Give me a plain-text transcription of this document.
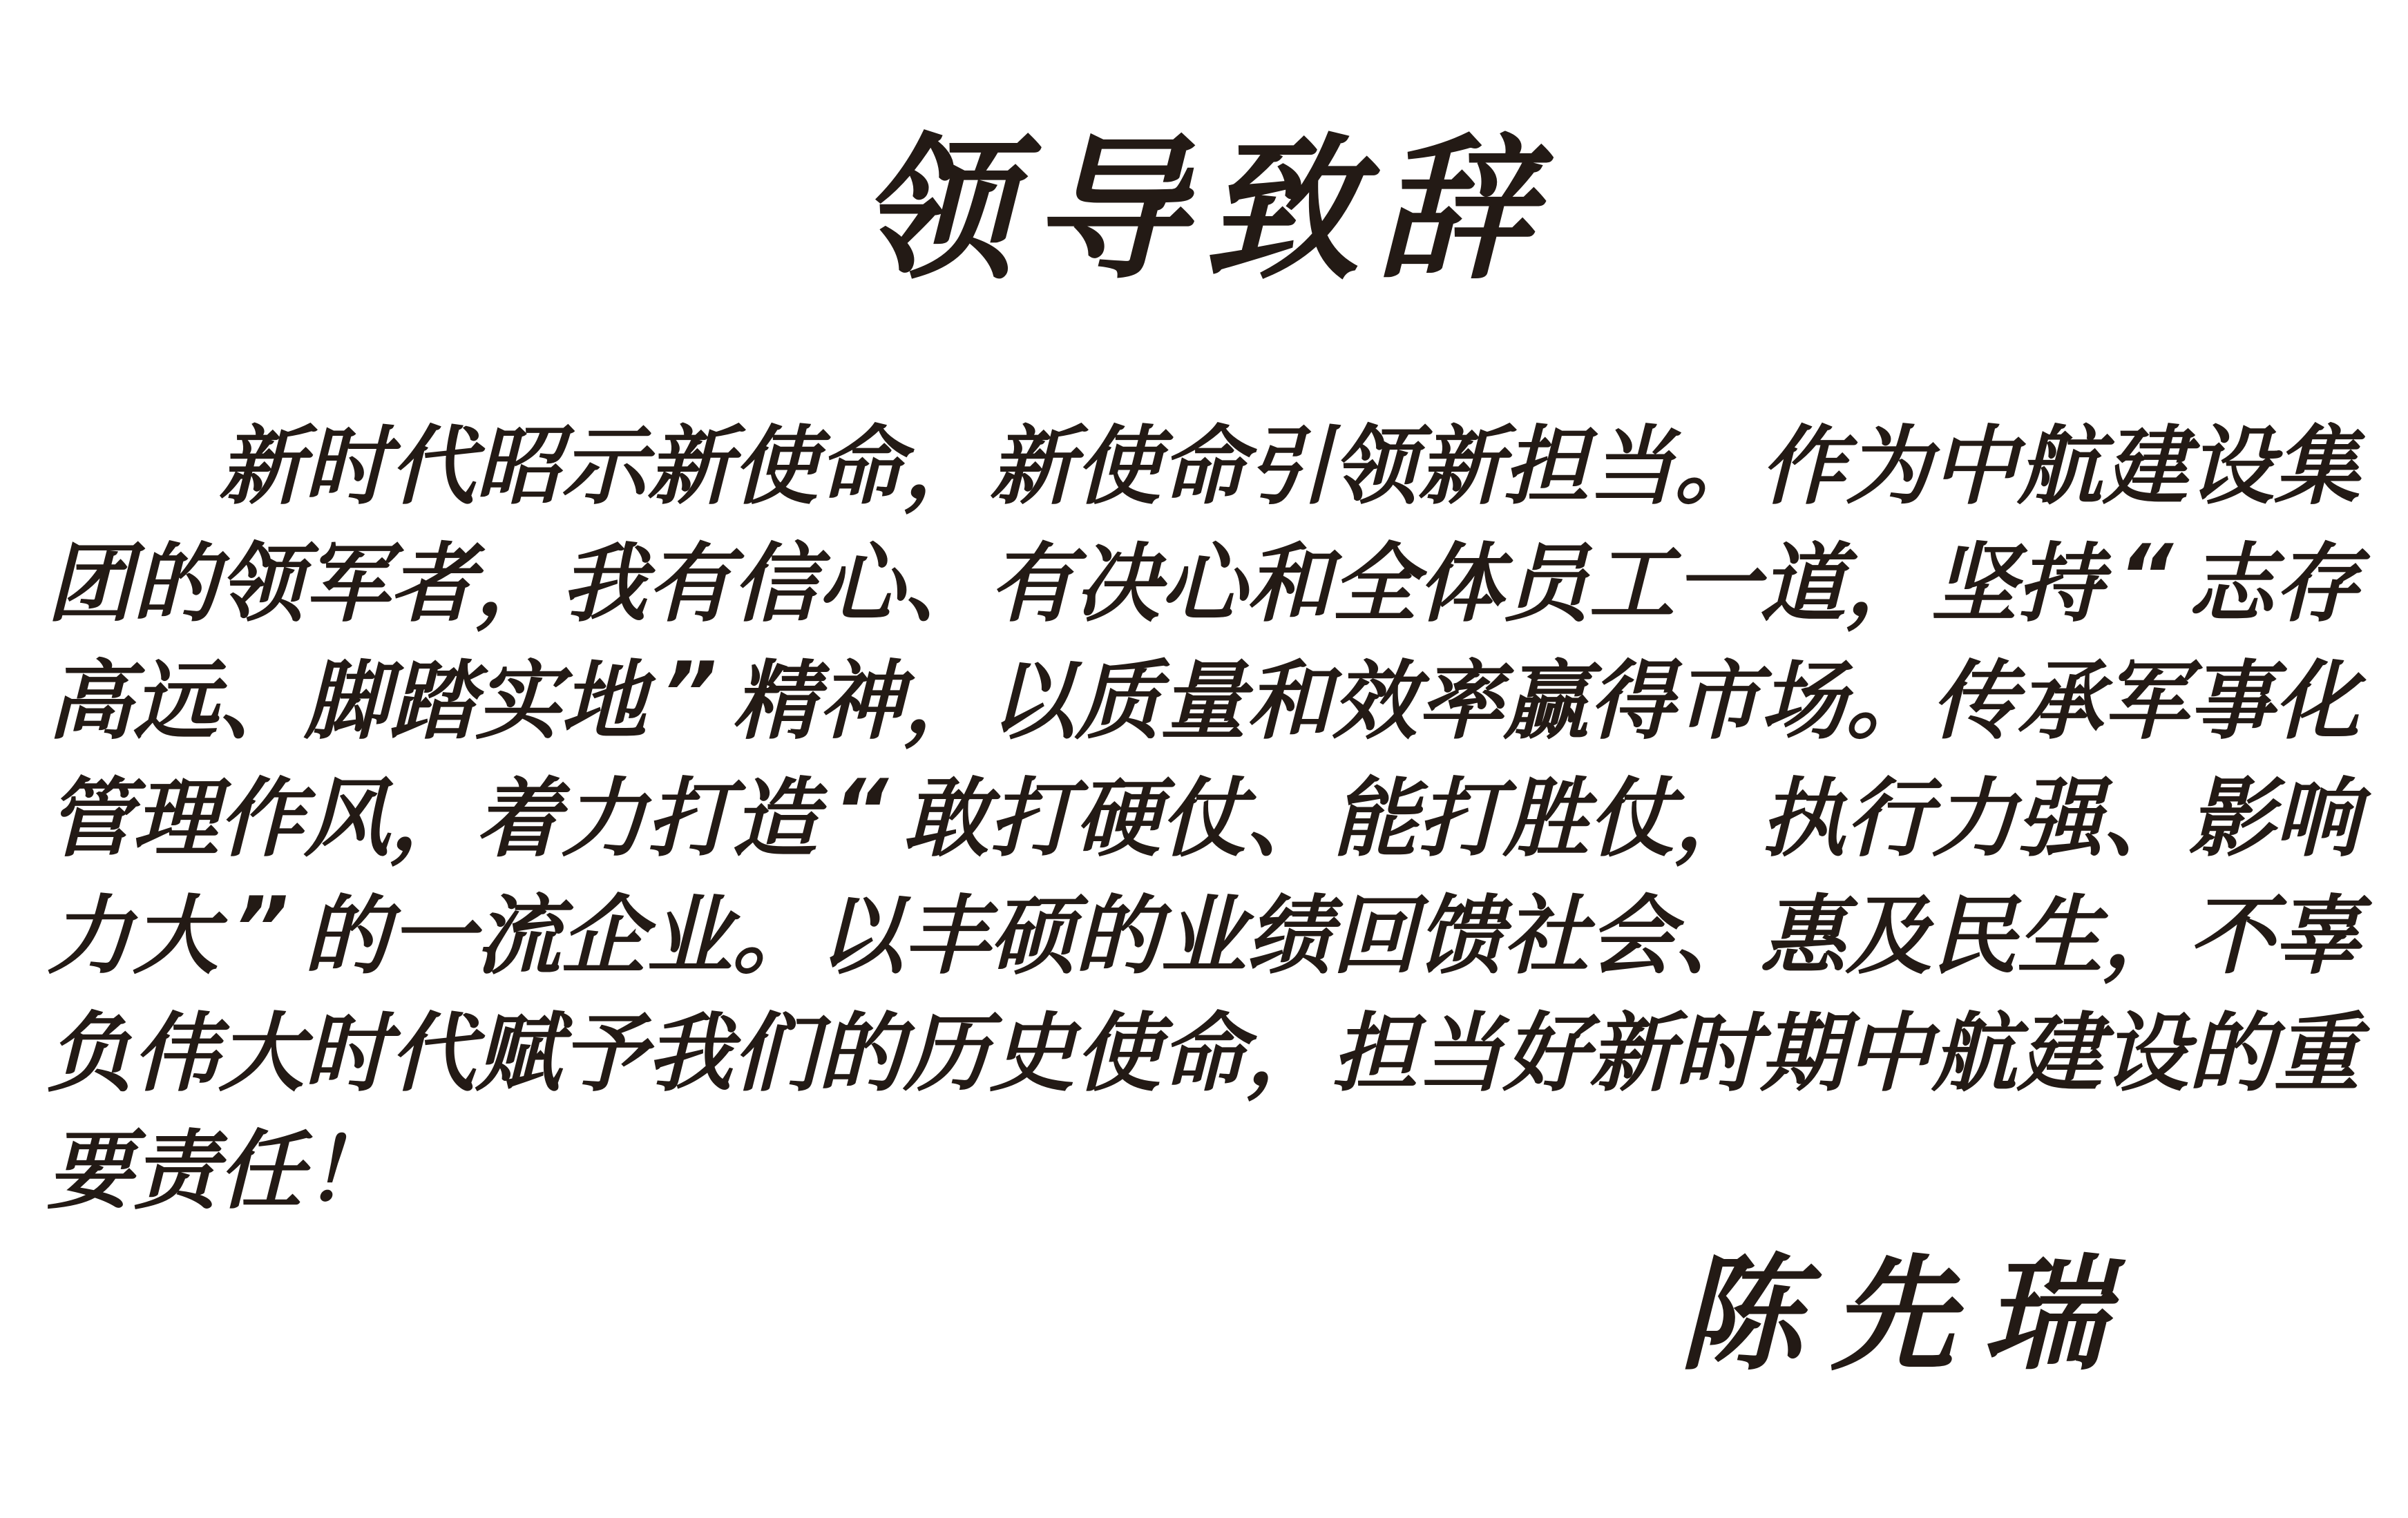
领导致辞
新 时 代 昭 示 新 使 命 ， 新 使 命 引 领 新 担 当 。 作 为 中 航 建 设 集
团 的 领 军 者 ， 我 有 信 心 、 有 决 心 和 全 体 员 工 一 道 ， 坚 持 “ 志 存
高 远 、 脚 踏 实 地 ” 精 神 ， 以 质 量 和 效 率 赢 得 市 场 。 传 承 军 事 化
管 理 作 风 ， 着 力 打 造 “ 敢 打 硬 仗 、 能 打 胜 仗 ， 执 行 力 强 、 影 响
力 大 ” 的 一 流 企 业 。 以 丰 硕 的 业 绩 回 馈 社 会 、 惠 及 民 生 ， 不 辜
负 伟 大 时 代 赋 予 我 们 的 历 史 使 命 ， 担 当 好 新 时 期 中 航 建 设 的 重
要 责 任 ！
陈先瑞
